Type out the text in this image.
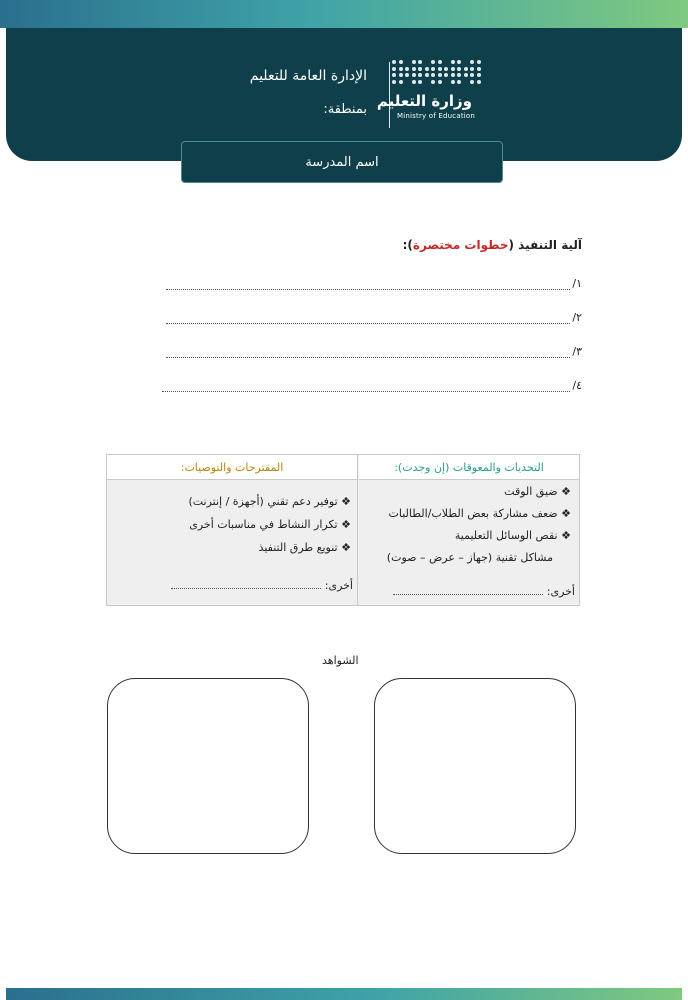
وزارة التعليم
Ministry of Education
الإدارة العامة للتعليم
بمنطقة:
اسم المدرسة
آلية التنفيذ (خطوات مختصرة):
١/
٢/
٣/
٤/
التحديات والمعوقات (إن وجدت):
المقترحات والتوصيات:
❖ ضيق الوقت
❖ ضعف مشاركة بعض الطلاب/الطالبات
❖ نقص الوسائل التعليمية
مشاكل تقنية (جهاز – عرض – صوت)
❖ توفير دعم تقني (أجهزة / إنترنت)
❖ تكرار النشاط في مناسبات أخرى
❖ تنويع طرق التنفيذ
أخرى:
أخرى:
الشواهد
